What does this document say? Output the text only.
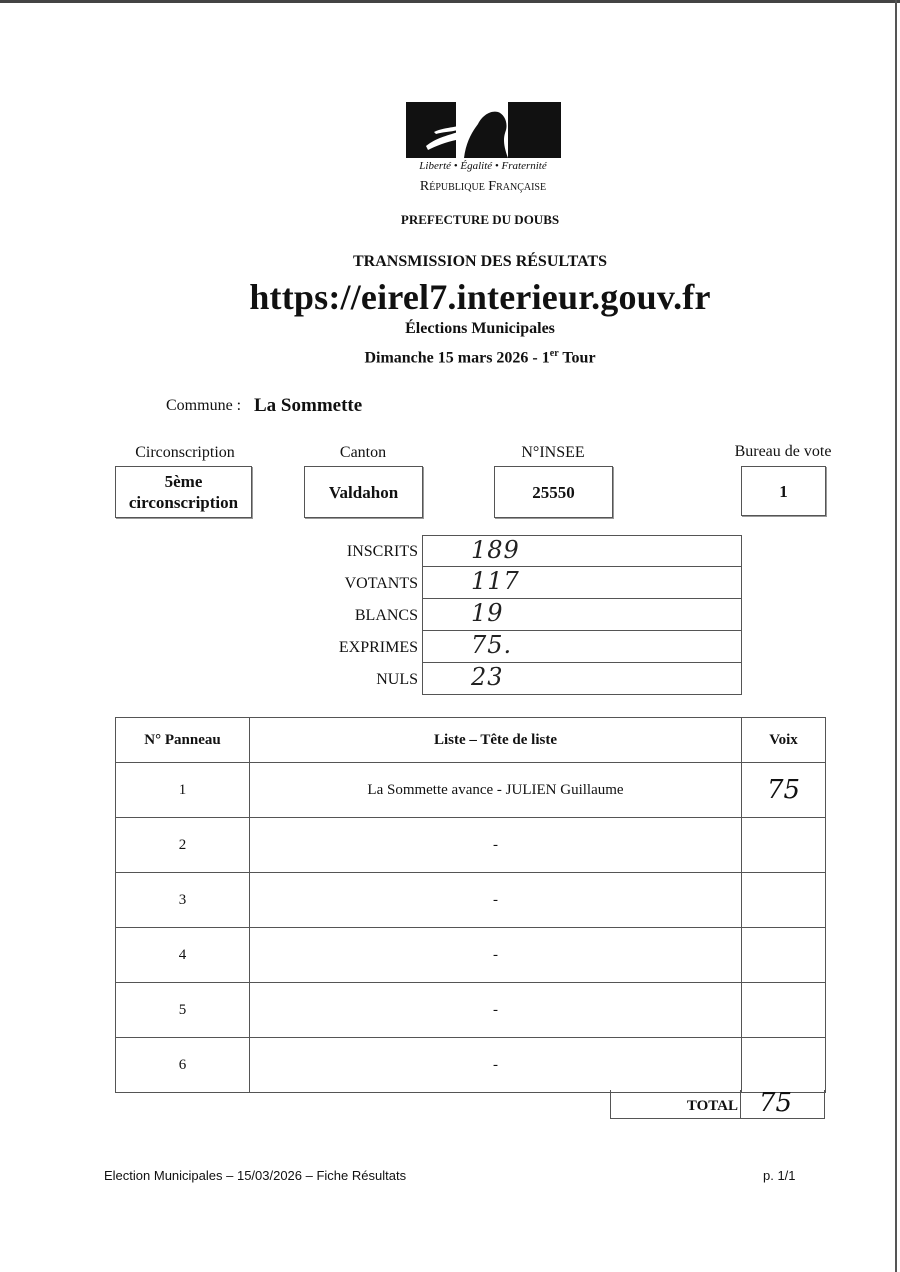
Liberté • Égalité • Fraternité
République Française
PREFECTURE DU DOUBS
TRANSMISSION DES RÉSULTATS
https://eirel7.interieur.gouv.fr
Élections Municipales
Dimanche 15 mars 2026 - 1er Tour
Commune : La Sommette
Circonscription
5ème
circonscription
Canton
Valdahon
N°INSEE
25550
Bureau de vote
1
INSCRITS 189
VOTANTS 117
BLANCS 19
EXPRIMES 75.
NULS 23
N° Panneau	Liste – Tête de liste	Voix
1	La Sommette avance - JULIEN Guillaume	75
2	-	
3	-	
4	-	
5	-	
6	-	
TOTAL 75
Election Municipales – 15/03/2026 – Fiche Résultats	p. 1/1
